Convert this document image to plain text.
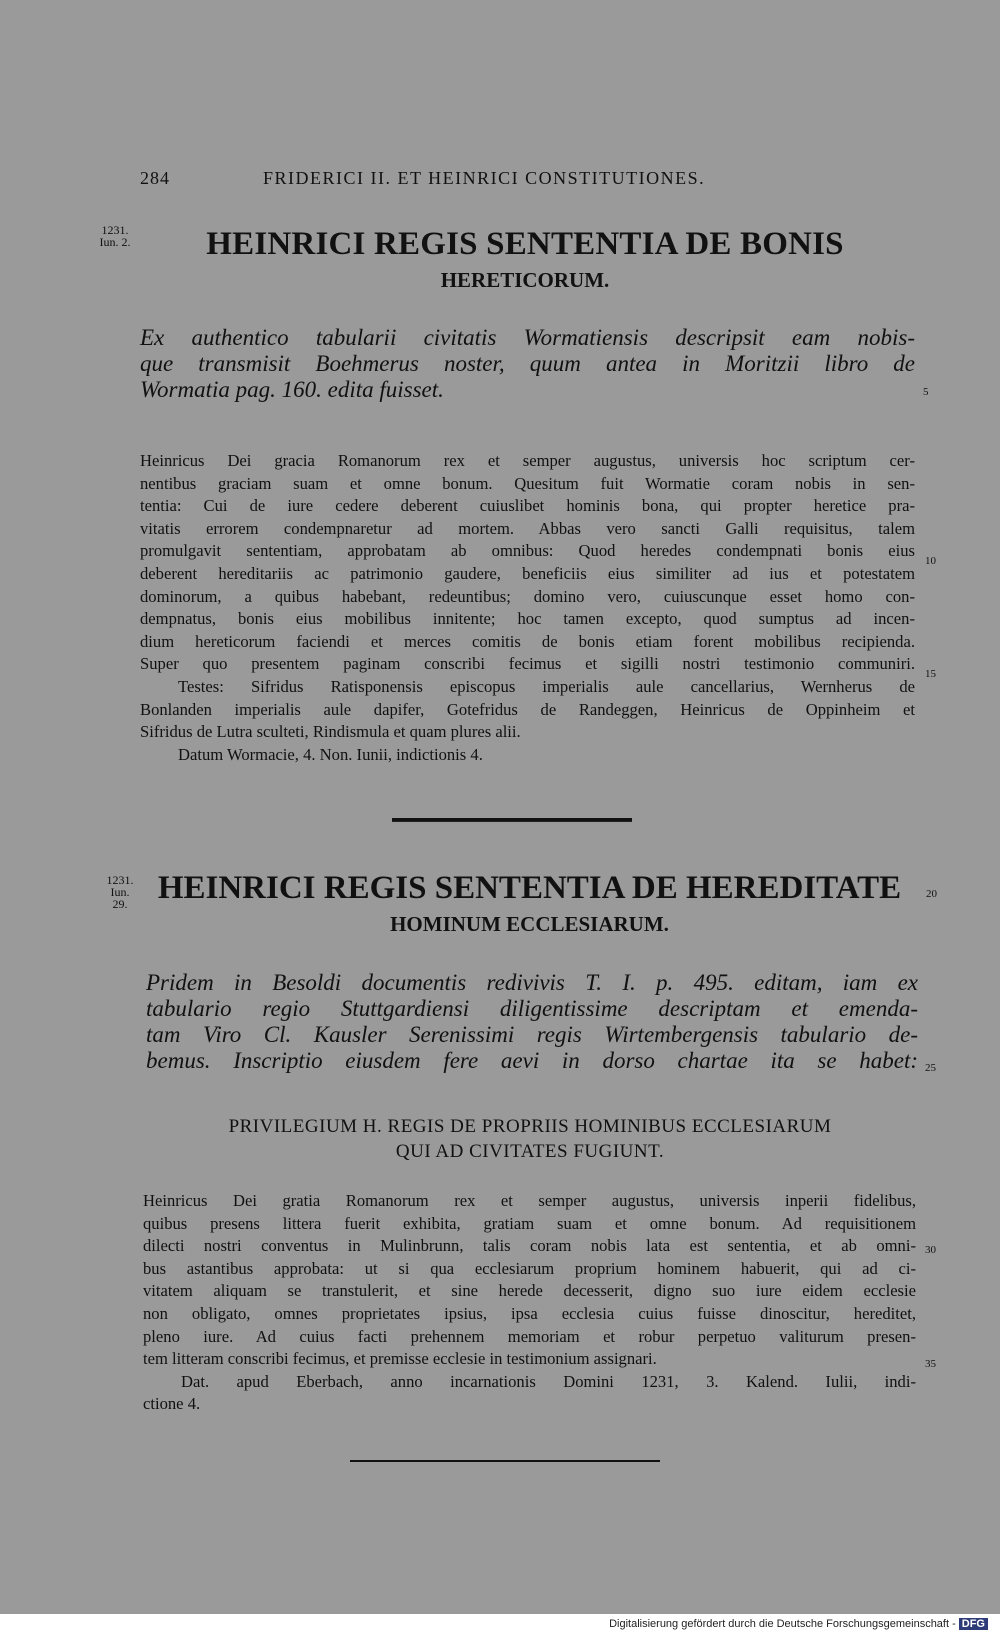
284	FRIDERICI II. ET HEINRICI CONSTITUTIONES.
1231.
Iun. 2.	HEINRICI REGIS SENTENTIA DE BONIS
HERETICORUM.
Ex authentico tabularii civitatis Wormatiensis descripsit eam nobis-
que transmisit Boehmerus noster, quum antea in Moritzii libro de
Wormatia pag. 160. edita fuisset.	5
Heinricus Dei gracia Romanorum rex et semper augustus, universis hoc scriptum cer-
nentibus graciam suam et omne bonum. Quesitum fuit Wormatie coram nobis in sen-
tentia: Cui de iure cedere deberent cuiuslibet hominis bona, qui propter heretice pra-
vitatis errorem condempnaretur ad mortem. Abbas vero sancti Galli requisitus, talem
promulgavit sententiam, approbatam ab omnibus: Quod heredes condempnati bonis eius
deberent hereditariis ac patrimonio gaudere, beneficiis eius similiter ad ius et potestatem
dominorum, a quibus habebant, redeuntibus; domino vero, cuiuscunque esset homo con-
dempnatus, bonis eius mobilibus innitente; hoc tamen excepto, quod sumptus ad incen-
dium hereticorum faciendi et merces comitis de bonis etiam forent mobilibus recipienda.
Super quo presentem paginam conscribi fecimus et sigilli nostri testimonio communiri.
Testes: Sifridus Ratisponensis episcopus imperialis aule cancellarius, Wernherus de
Bonlanden imperialis aule dapifer, Gotefridus de Randeggen, Heinricus de Oppinheim et
Sifridus de Lutra sculteti, Rindismula et quam plures alii.
Datum Wormacie, 4. Non. Iunii, indictionis 4.
10
15
1231.
Iun.
29. HEINRICI REGIS SENTENTIA DE HEREDITATE	20
HOMINUM ECCLESIARUM.
Pridem in Besoldi documentis redivivis T. I. p. 495. editam, iam ex
tabulario regio Stuttgardiensi diligentissime descriptam et emenda-
tam Viro Cl. Kausler Serenissimi regis Wirtembergensis tabulario de-
bemus. Inscriptio eiusdem fere aevi in dorso chartae ita se habet: 25
PRIVILEGIUM H. REGIS DE PROPRIIS HOMINIBUS ECCLESIARUM
QUI AD CIVITATES FUGIUNT.
Heinricus Dei gratia Romanorum rex et semper augustus, universis inperii fidelibus,
quibus presens littera fuerit exhibita, gratiam suam et omne bonum. Ad requisitionem
dilecti nostri conventus in Mulinbrunn, talis coram nobis lata est sententia, et ab omni-
bus astantibus approbata: ut si qua ecclesiarum proprium hominem habuerit, qui ad ci-
vitatem aliquam se transtulerit, et sine herede decesserit, digno suo iure eidem ecclesie
non obligato, omnes proprietates ipsius, ipsa ecclesia cuius fuisse dinoscitur, hereditet,
pleno iure. Ad cuius facti prehennem memoriam et robur perpetuo valiturum presen-
tem litteram conscribi fecimus, et premisse ecclesie in testimonium assignari.
Dat. apud Eberbach, anno incarnationis Domini 1231, 3. Kalend. Iulii, indi-
ctione 4.
30
35
Digitalisierung gefördert durch die Deutsche Forschungsgemeinschaft - DFG
